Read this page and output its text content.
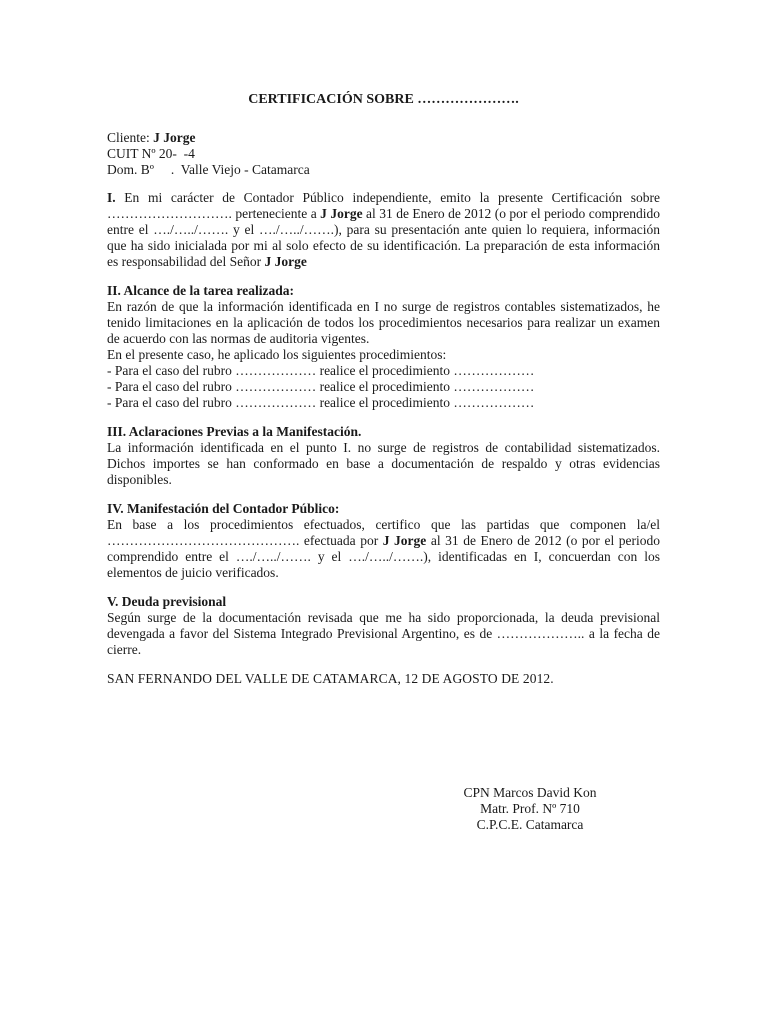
CERTIFICACIÓN SOBRE ………………….
Cliente: J Jorge
CUIT Nº 20-  -4
Dom. Bº     .  Valle Viejo - Catamarca

I. En mi carácter de Contador Público independiente, emito la presente Certificación sobre ………………………. perteneciente a J Jorge al 31 de Enero de 2012 (o por el periodo comprendido entre el …./…../……. y el …./…../…….), para su presentación ante quien lo requiera, información que ha sido inicialada por mi al solo efecto de su identificación. La preparación de esta información es responsabilidad del Señor J Jorge

II. Alcance de la tarea realizada:

En razón de que la información identificada en I no surge de registros contables sistematizados, he tenido limitaciones en la aplicación de todos los procedimientos necesarios para realizar un examen de acuerdo con las normas de auditoria vigentes.

En el presente caso, he aplicado los siguientes procedimientos:

- Para el caso del rubro ……………… realice el procedimiento ………………

- Para el caso del rubro ……………… realice el procedimiento ………………

- Para el caso del rubro ……………… realice el procedimiento ………………

III. Aclaraciones Previas a la Manifestación.

La información identificada en el punto I. no surge de registros de contabilidad sistematizados. Dichos importes se han conformado en base a documentación de respaldo y otras evidencias disponibles.

IV. Manifestación del Contador Público:

En base a los procedimientos efectuados, certifico que las partidas que componen la/el ……………………………………. efectuada por J Jorge al 31 de Enero de 2012 (o por el periodo comprendido entre el …./…../……. y el …./…../…….), identificadas en I, concuerdan con los elementos de juicio verificados.

V. Deuda previsional

Según surge de la documentación revisada que me ha sido proporcionada, la deuda previsional devengada a favor del Sistema Integrado Previsional Argentino, es de ……………….. a la fecha de cierre.

SAN FERNANDO DEL VALLE DE CATAMARCA, 12 DE AGOSTO DE 2012.

CPN Marcos David Kon
Matr. Prof. Nº 710
C.P.C.E. Catamarca
